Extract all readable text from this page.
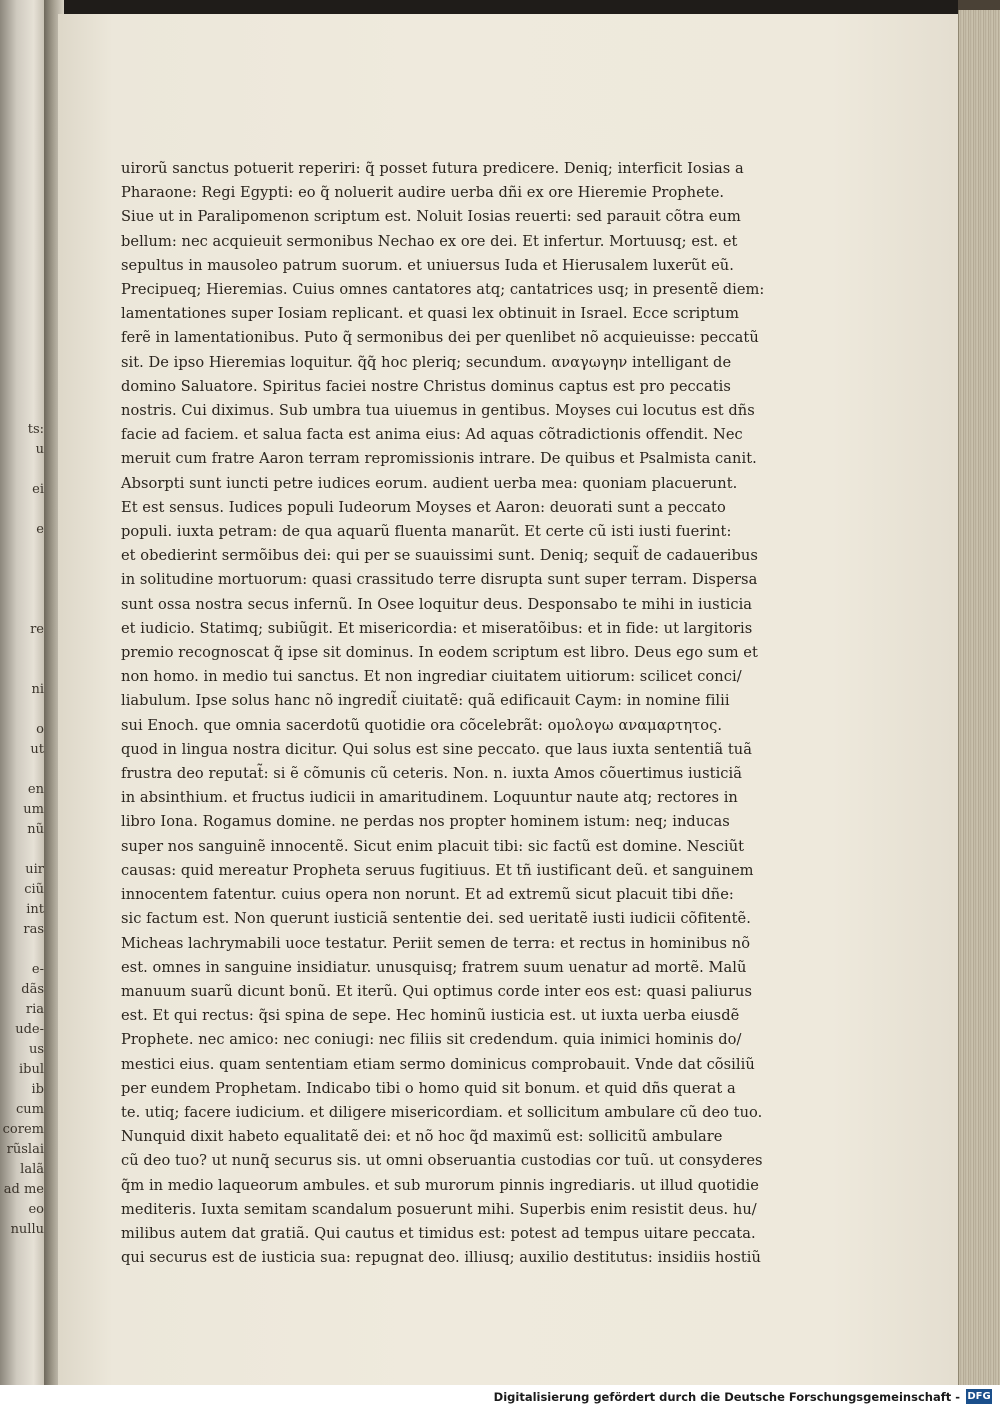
ts:
u
ei
e
re
ni
o
ut
en
um
nũ
uir
ciũ
int
ras
e-
dãs
ria
ude-
us
ibul
ib
cum
corem
rũslai
lalã
ad me
eo
nullu
uirorũ sanctus potuerit reperiri: q̃ posset futura predicere. Deniq; interficit Iosias a
Pharaone: Regi Egypti: eo q̃ noluerit audire uerba dñi ex ore Hieremie Prophete.
Siue ut in Paralipomenon scriptum est. Noluit Iosias reuerti: sed parauit cõtra eum
bellum: nec acquieuit sermonibus Nechao ex ore dei. Et infertur. Mortuusq; est. et
sepultus in mausoleo patrum suorum. et uniuersus Iuda et Hierusalem luxerũt eũ.
Precipueq; Hieremias. Cuius omnes cantatores atq; cantatrices usq; in presentẽ diem:
lamentationes super Iosiam replicant. et quasi lex obtinuit in Israel. Ecce scriptum
ferẽ in lamentationibus. Puto q̃ sermonibus dei per quenlibet nõ acquieuisse: peccatũ
sit. De ipso Hieremias loquitur. q̃q̃ hoc pleriq; secundum. αναγωγην intelligant de
domino Saluatore. Spiritus faciei nostre Christus dominus captus est pro peccatis
nostris. Cui diximus. Sub umbra tua uiuemus in gentibus. Moyses cui locutus est dñs
facie ad faciem. et salua facta est anima eius: Ad aquas cõtradictionis offendit. Nec
meruit cum fratre Aaron terram repromissionis intrare. De quibus et Psalmista canit.
Absorpti sunt iuncti petre iudices eorum. audient uerba mea: quoniam placuerunt.
Et est sensus. Iudices populi Iudeorum Moyses et Aaron: deuorati sunt a peccato
populi. iuxta petram: de qua aquarũ fluenta manarũt. Et certe cũ isti iusti fuerint:
et obedierint sermõibus dei: qui per se suauissimi sunt. Deniq; sequit̃ de cadaueribus
in solitudine mortuorum: quasi crassitudo terre disrupta sunt super terram. Dispersa
sunt ossa nostra secus infernũ. In Osee loquitur deus. Desponsabo te mihi in iusticia
et iudicio. Statimq; subiũgit. Et misericordia: et miseratõibus: et in fide: ut largitoris
premio recognoscat q̃ ipse sit dominus. In eodem scriptum est libro. Deus ego sum et
non homo. in medio tui sanctus. Et non ingrediar ciuitatem uitiorum: scilicet conci/
liabulum. Ipse solus hanc nõ ingredit̃ ciuitatẽ: quã edificauit Caym: in nomine filii
sui Enoch. que omnia sacerdotũ quotidie ora cõcelebrãt: ομολογω αναμαρτητος.
quod in lingua nostra dicitur. Qui solus est sine peccato. que laus iuxta sententiã tuã
frustra deo reputat̃: si ẽ cõmunis cũ ceteris. Non. n. iuxta Amos cõuertimus iusticiã
in absinthium. et fructus iudicii in amaritudinem. Loquuntur naute atq; rectores in
libro Iona. Rogamus domine. ne perdas nos propter hominem istum: neq; inducas
super nos sanguinẽ innocentẽ. Sicut enim placuit tibi: sic factũ est domine. Nesciũt
causas: quid mereatur Propheta seruus fugitiuus. Et tñ iustificant deũ. et sanguinem
innocentem fatentur. cuius opera non norunt. Et ad extremũ sicut placuit tibi dñe:
sic factum est. Non querunt iusticiã sententie dei. sed ueritatẽ iusti iudicii cõfitentẽ.
Micheas lachrymabili uoce testatur. Periit semen de terra: et rectus in hominibus nõ
est. omnes in sanguine insidiatur. unusquisq; fratrem suum uenatur ad mortẽ. Malũ
manuum suarũ dicunt bonũ. Et iterũ. Qui optimus corde inter eos est: quasi paliurus
est. Et qui rectus: q̃si spina de sepe. Hec hominũ iusticia est. ut iuxta uerba eiusdẽ
Prophete. nec amico: nec coniugi: nec filiis sit credendum. quia inimici hominis do/
mestici eius. quam sententiam etiam sermo dominicus comprobauit. Vnde dat cõsiliũ
per eundem Prophetam. Indicabo tibi o homo quid sit bonum. et quid dñs querat a
te. utiq; facere iudicium. et diligere misericordiam. et sollicitum ambulare cũ deo tuo.
Nunquid dixit habeto equalitatẽ dei: et nõ hoc q̃d maximũ est: sollicitũ ambulare
cũ deo tuo? ut nunq̃ securus sis. ut omni obseruantia custodias cor tuũ. ut consyderes
q̃m in medio laqueorum ambules. et sub murorum pinnis ingrediaris. ut illud quotidie
mediteris. Iuxta semitam scandalum posuerunt mihi. Superbis enim resistit deus. hu/
milibus autem dat gratiã. Qui cautus et timidus est: potest ad tempus uitare peccata.
qui securus est de iusticia sua: repugnat deo. illiusq; auxilio destitutus: insidiis hostiũ
Digitalisierung gefördert durch die Deutsche Forschungsgemeinschaft - DFG
